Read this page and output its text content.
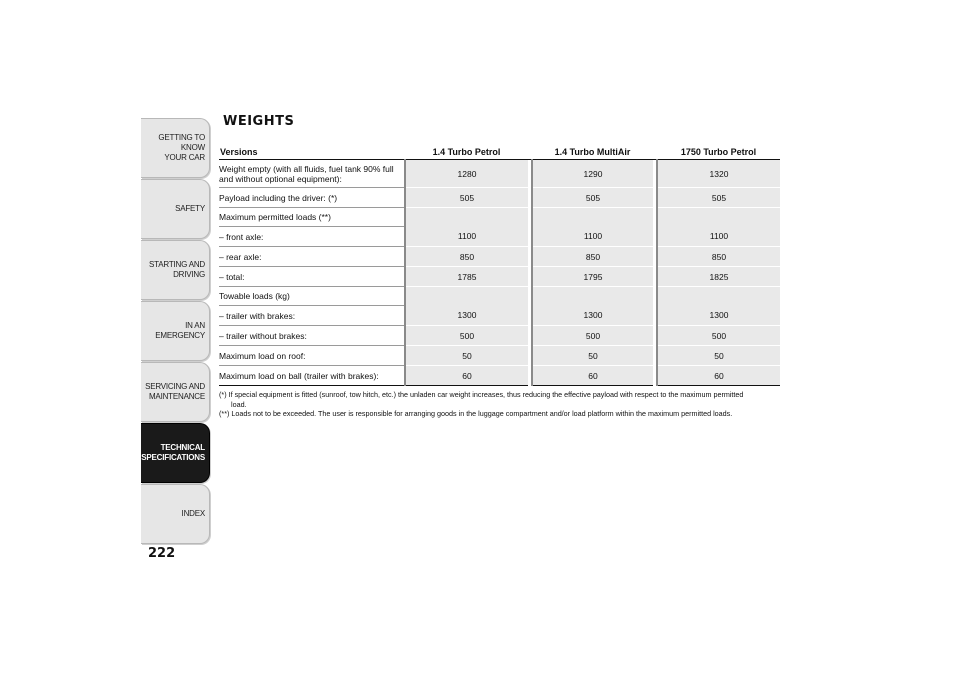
GETTING TO KNOW
YOUR CAR
SAFETY
STARTING AND
DRIVING
IN AN EMERGENCY
SERVICING AND
MAINTENANCE
TECHNICAL
SPECIFICATIONS
INDEX
222
WEIGHTS
Versions	1.4 Turbo Petrol		1.4 Turbo MultiAir		1750 Turbo Petrol
Weight empty (with all fluids, fuel tank 90% full and without optional equipment):	1280		1290		1320
Payload including the driver: (*)	505		505		505
Maximum permitted loads (**)					
– front axle:	1100		1100		1100
– rear axle:	850		850		850
– total:	1785		1795		1825
Towable loads (kg)					
– trailer with brakes:	1300		1300		1300
– trailer without brakes:	500		500		500
Maximum load on roof:	50		50		50
Maximum load on ball (trailer with brakes):	60		60		60

(*) If special equipment is fitted (sunroof, tow hitch, etc.) the unladen car weight increases, thus reducing the effective payload with respect to the maximum permitted

load.

(**) Loads not to be exceeded. The user is responsible for arranging goods in the luggage compartment and/or load platform within the maximum permitted loads.
